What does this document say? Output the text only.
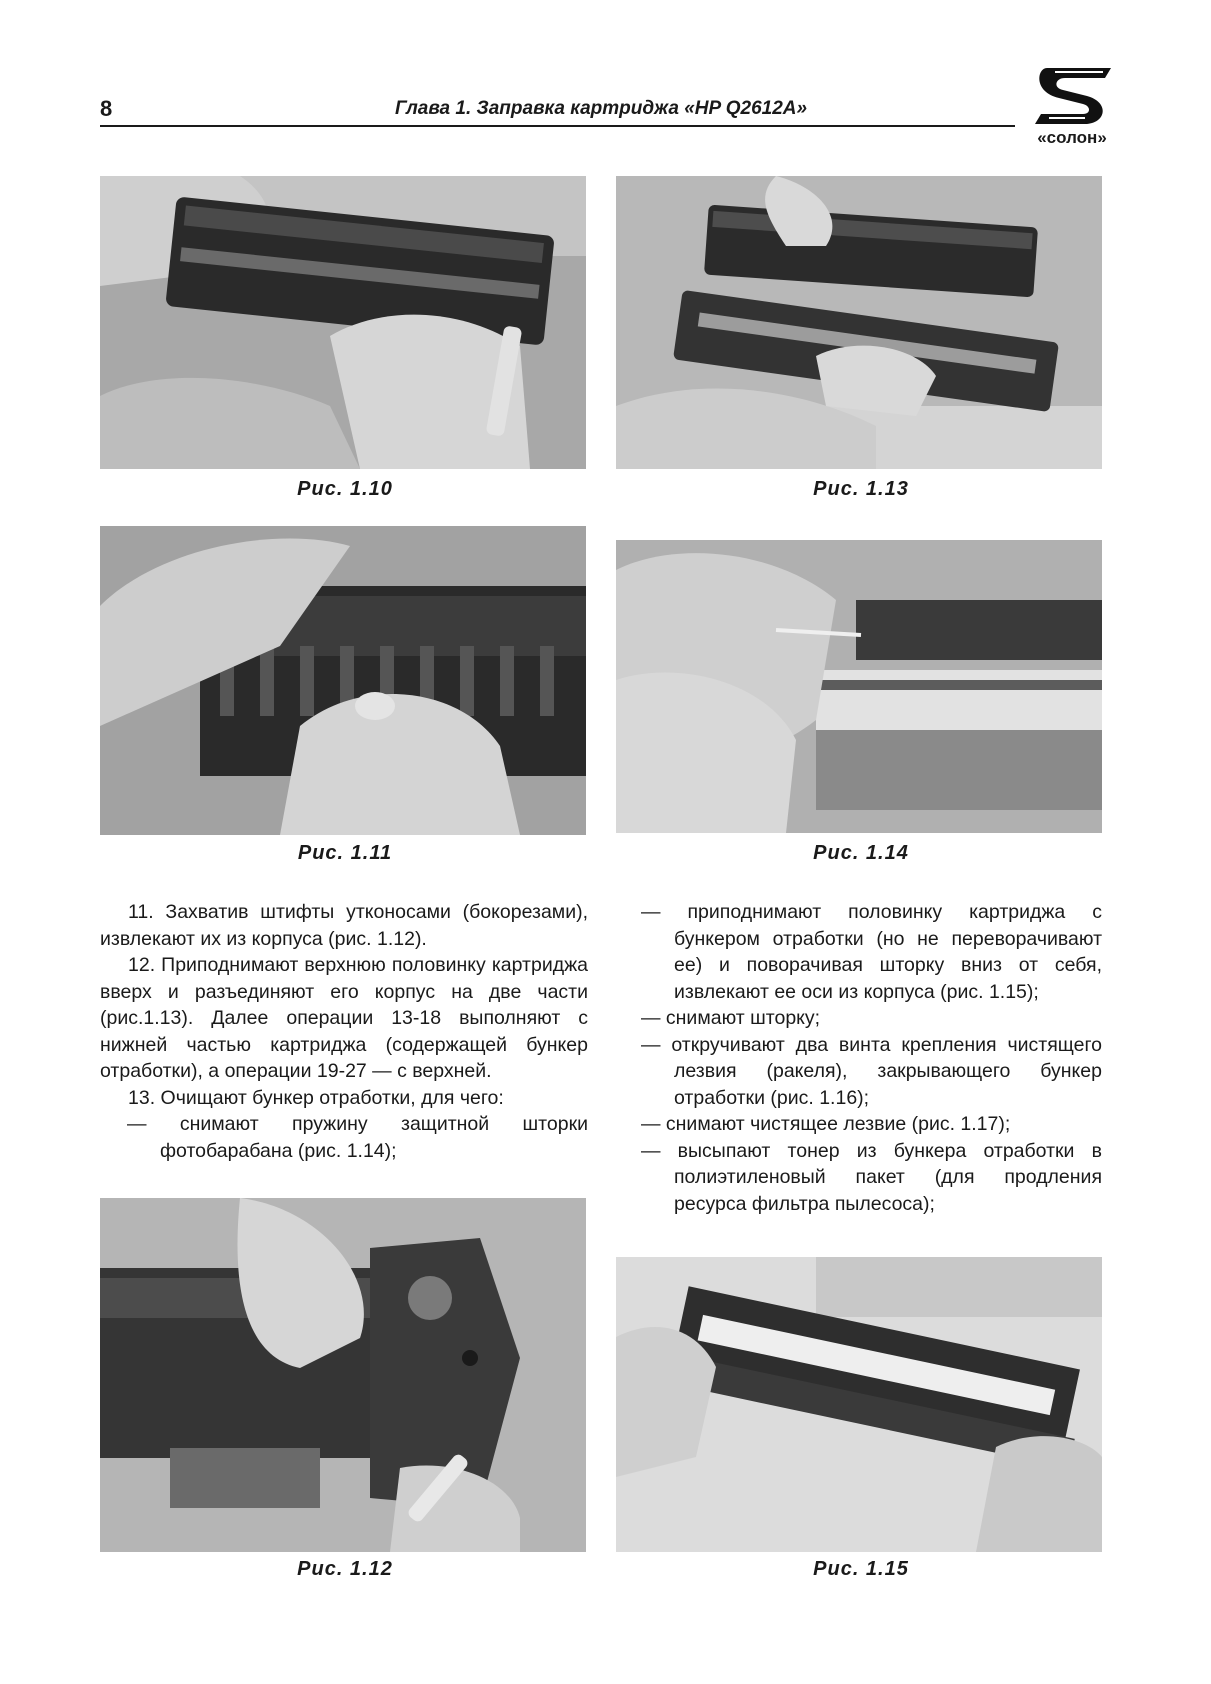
8	Глава 1. Заправка картриджа «HP Q2612A»
«солон»
Рис. 1.10	Рис. 1.13
Рис. 1.11	Рис. 1.14

11. Захватив штифты утконосами (бокорезами), извлекают их из корпуса (рис. 1.12).

12. Приподнимают верхнюю половинку картриджа вверх и разъединяют его корпус на две части (рис.1.13). Далее операции 13-18 выполняют с нижней частью картриджа (содержащей бункер отработки), а операции 19-27 — с верхней.

13. Очищают бункер отработки, для чего:

— снимают пружину защитной шторки фотобарабана (рис. 1.14);

— приподнимают половинку картриджа с бункером отработки (но не переворачивают ее) и поворачивая шторку вниз от себя, извлекают ее оси из корпуса (рис. 1.15);

— снимают шторку;

— откручивают два винта крепления чистящего лезвия (ракеля), закрывающего бункер отработки (рис. 1.16);

— снимают чистящее лезвие (рис. 1.17);

— высыпают тонер из бункера отработки в полиэтиленовый пакет (для продления ресурса фильтра пылесоса);

Рис. 1.12	Рис. 1.15
